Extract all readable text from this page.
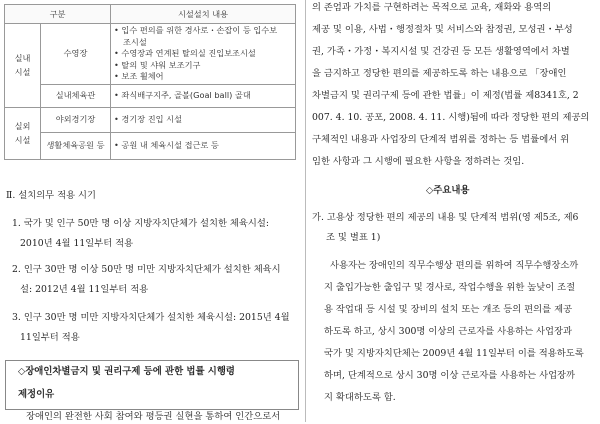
구분		시설설치 내용

실내시설	수영장	• 입수 편의를 위한 경사로・손잡이 등 입수보
조시설
• 수영장과 연계된 탈의실 진입보조시설
• 탈의 및 샤워 보조기구
• 보조 휠체어

	실내체육관	• 좌식배구지주, 골볼(Goal ball) 골대

실외시설	야외경기장	• 경기장 진입 시설

	생활체육공원 등	• 공원 내 체육시설 접근로 등
Ⅱ. 설치의무 적용 시기
1. 국가 및 인구 50만 명 이상 지방자치단체가 설치한 체육시설:
2010년 4월 11일부터 적용
2. 인구 30만 명 이상 50만 명 미만 지방자치단체가 설치한 체육시
설: 2012년 4월 11일부터 적용
3. 인구 30만 명 미만 지방자치단체가 설치한 체육시설: 2015년 4월
11일부터 적용
◇장애인차별금지 및 권리구제 등에 관한 법률 시행령
제정이유
장애인의 완전한 사회 참여와 평등권 실현을 통하여 인간으로서
의 존엄과 가치를 구현하려는 목적으로 교육, 재화와 용역의
제공 및 이용, 사법・행정절차 및 서비스와 참정권, 모성권・부성
권, 가족・가정・복지시설 및 건강권 등 모든 생활영역에서 차별
을 금지하고 정당한 편의를 제공하도록 하는 내용으로 「장애인
차별금지 및 권리구제 등에 관한 법률」이 제정(법률 제8341호, 2
007. 4. 10. 공포, 2008. 4. 11. 시행)됨에 따라 정당한 편의 제공의
구체적인 내용과 사업장의 단계적 범위를 정하는 등 법률에서 위
임한 사항과 그 시행에 필요한 사항을 정하려는 것임.
◇주요내용
가. 고용상 정당한 편의 제공의 내용 및 단계적 범위(영 제5조, 제6
조 및 별표 1)
사용자는 장애인의 직무수행상 편의를 위하여 직무수행장소까
지 출입가능한 출입구 및 경사로, 작업수행을 위한 높낮이 조절
용 작업대 등 시설 및 장비의 설치 또는 개조 등의 편의를 제공
하도록 하고, 상시 300명 이상의 근로자를 사용하는 사업장과
국가 및 지방자치단체는 2009년 4월 11일부터 이를 적용하도록
하며, 단계적으로 상시 30명 이상 근로자를 사용하는 사업장까
지 확대하도록 함.
